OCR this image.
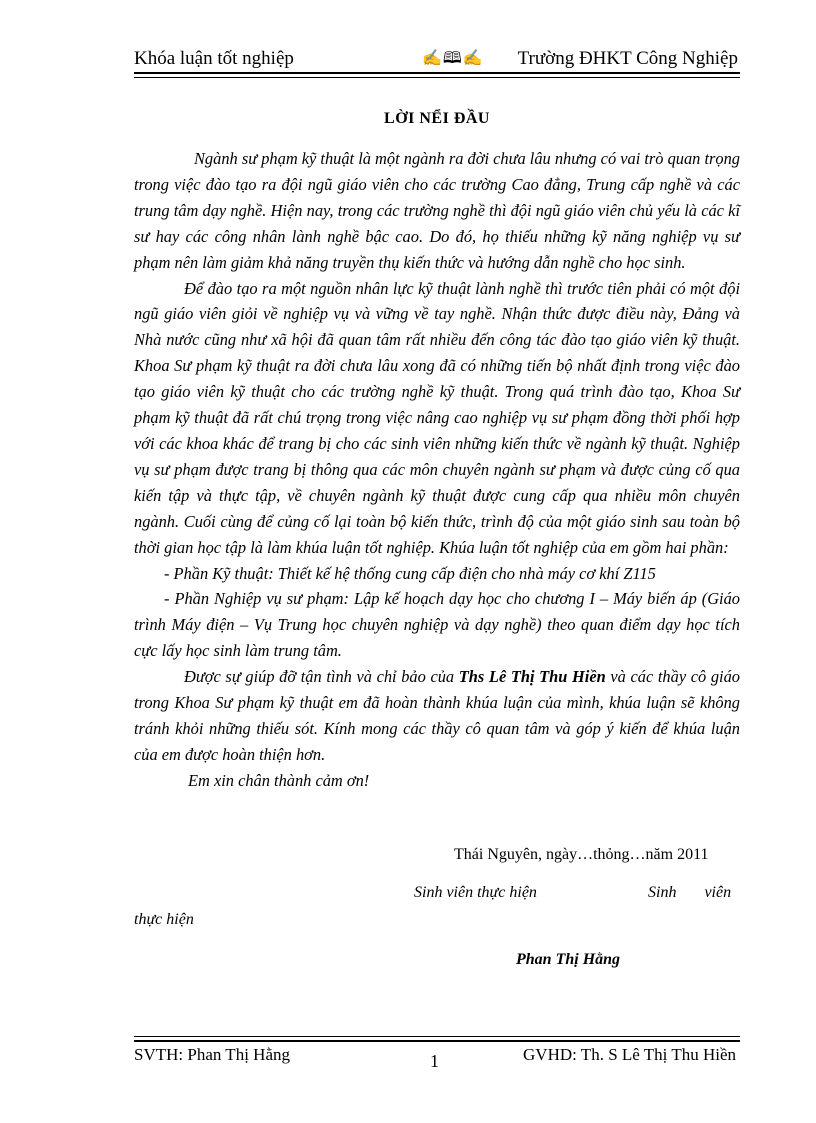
Khóa luận tốt nghiệp	✍🕮✍ Trường ĐHKT Công Nghiệp
LỜI NỂI ĐẦU

Ngành sư phạm kỹ thuật là một ngành ra đời chưa lâu nhưng có vai trò quan trọng trong việc đào tạo ra đội ngũ giáo viên cho các trường Cao đẳng, Trung cấp nghề và các trung tâm dạy nghề. Hiện nay, trong các trường nghề thì đội ngũ giáo viên chủ yếu là các kĩ sư hay các công nhân lành nghề bậc cao. Do đó, họ thiếu những kỹ năng nghiệp vụ sư phạm nên làm giảm khả năng truyền thụ kiến thức và hướng dẫn nghề cho học sinh.

Để đào tạo ra một nguồn nhân lực kỹ thuật lành nghề thì trước tiên phải có một đội ngũ giáo viên giỏi về nghiệp vụ và vững về tay nghề. Nhận thức được điều này, Đảng và Nhà nước cũng như xã hội đã quan tâm rất nhiều đến công tác đào tạo giáo viên kỹ thuật. Khoa Sư phạm kỹ thuật ra đời chưa lâu xong đã có những tiến bộ nhất định trong việc đào tạo giáo viên kỹ thuật cho các trường nghề kỹ thuật. Trong quá trình đào tạo, Khoa Sư phạm kỹ thuật đã rất chú trọng trong việc nâng cao nghiệp vụ sư phạm đồng thời phối hợp với các khoa khác để trang bị cho các sinh viên những kiến thức về ngành kỹ thuật. Nghiệp vụ sư phạm được trang bị thông qua các môn chuyên ngành sư phạm và được củng cố qua kiến tập và thực tập, về chuyên ngành kỹ thuật được cung cấp qua nhiều môn chuyên ngành. Cuối cùng để củng cố lại toàn bộ kiến thức, trình độ của một giáo sinh sau toàn bộ thời gian học tập là làm khúa luận tốt nghiệp. Khúa luận tốt nghiệp của em gồm hai phần:

- Phần Kỹ thuật: Thiết kế hệ thống cung cấp điện cho nhà máy cơ khí Z115

- Phần Nghiệp vụ sư phạm: Lập kế hoạch dạy học cho chương I – Máy biến áp (Giáo trình Máy điện – Vụ Trung học chuyên nghiệp và dạy nghề) theo quan điểm dạy học tích cực lấy học sinh làm trung tâm.

Được sự giúp đỡ tận tình và chỉ bảo của Ths Lê Thị Thu Hiền và các thầy cô giáo trong Khoa Sư phạm kỹ thuật em đã hoàn thành khúa luận của mình, khúa luận sẽ không tránh khỏi những thiếu sót. Kính mong các thầy cô quan tâm và góp ý kiến để khúa luận của em được hoàn thiện hơn.

Em xin chân thành cảm ơn!

Thái Nguyên, ngày…thỏng…năm 2011
Sinh viên thực hiện	Sinh viên
thực hiện
Phan Thị Hằng
SVTH: Phan Thị Hằng	1	GVHD: Th. S Lê Thị Thu Hiền
